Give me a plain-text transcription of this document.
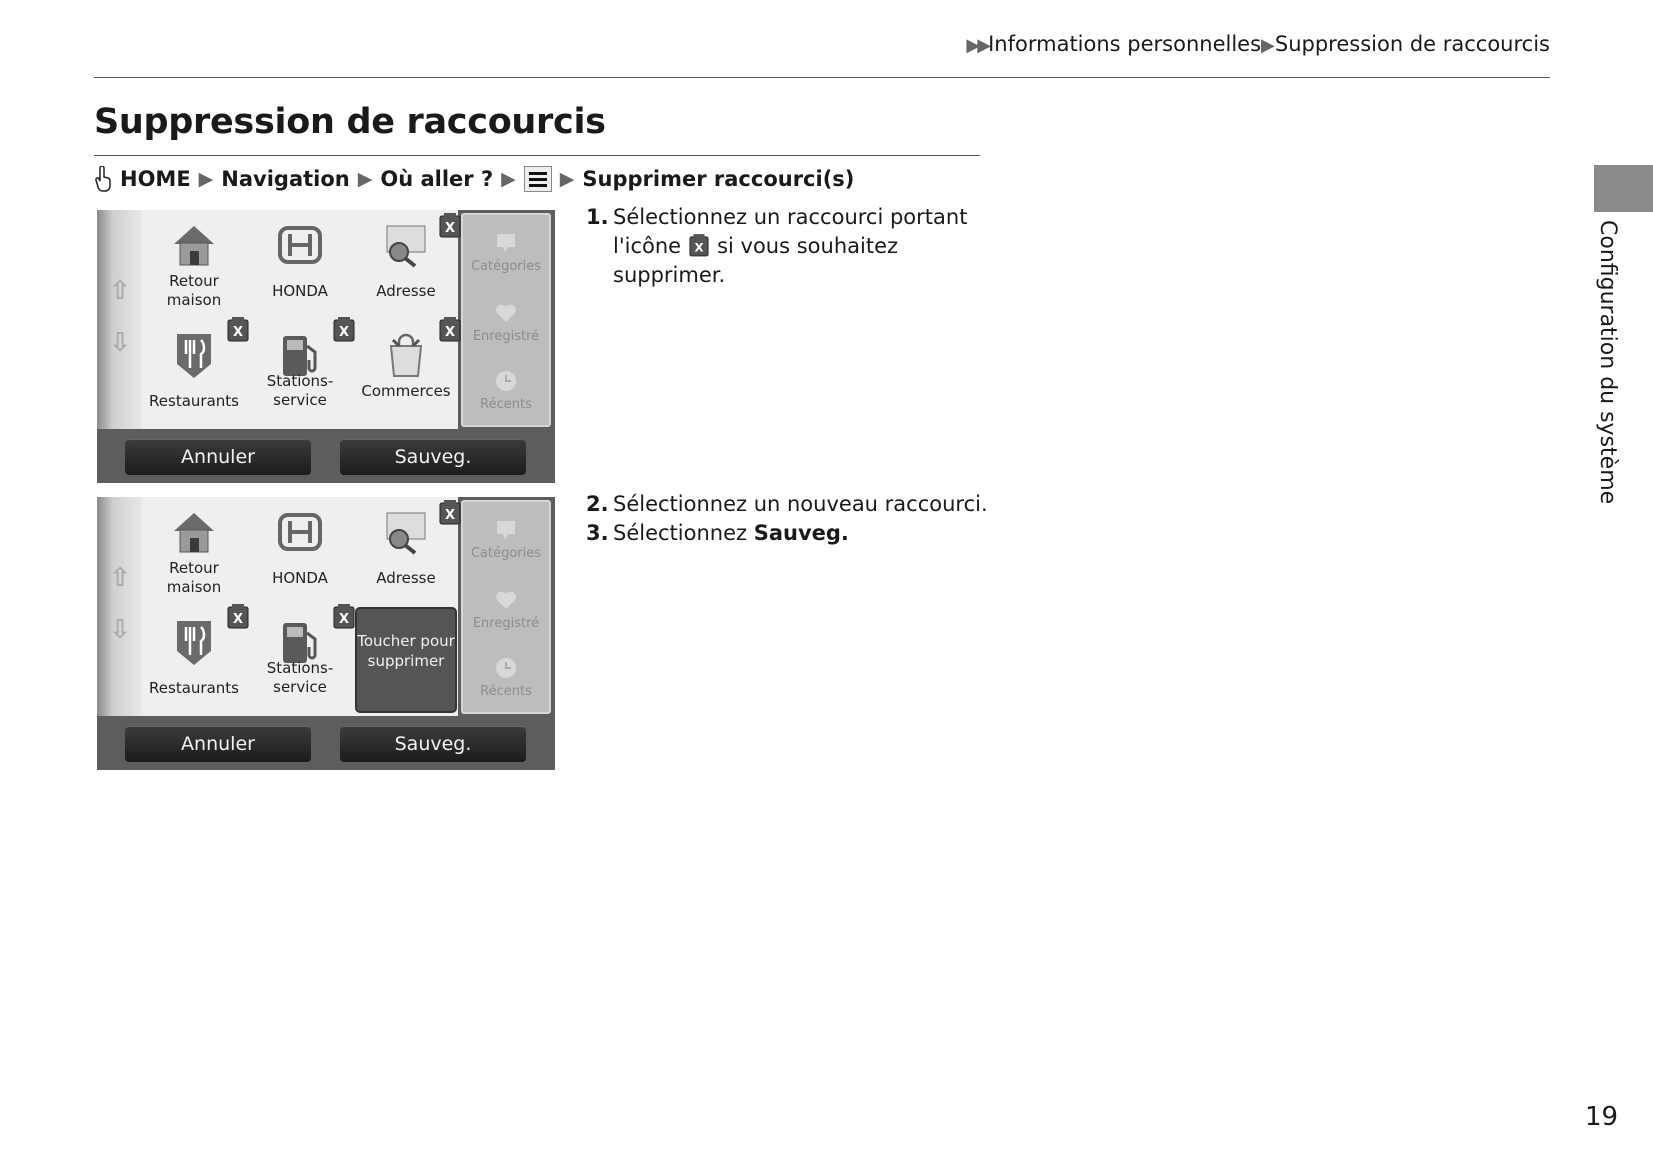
▶▶Informations personnelles▶Suppression de raccourcis
Suppression de raccourcis
HOME ▶ Navigation ▶ Où aller ? ▶ ▶ Supprimer raccourci(s)
Configuration du système
⇧
⇩
Retour maison	HONDA	Adresse
X
Restaurants
X
Stations-service
X
Commerces
X
Catégories
Enregistré
Récents
Annuler	Sauveg.
⇧
⇩
Retour maison	HONDA	Adresse
X
Restaurants
X
Stations-service
X
Toucher pour supprimer
Catégories
Enregistré
Récents
Annuler	Sauveg.
1. Sélectionnez un raccourci portant
l'icône X si vous souhaitez
supprimer.
2. Sélectionnez un nouveau raccourci.
3. Sélectionnez Sauveg.
19
